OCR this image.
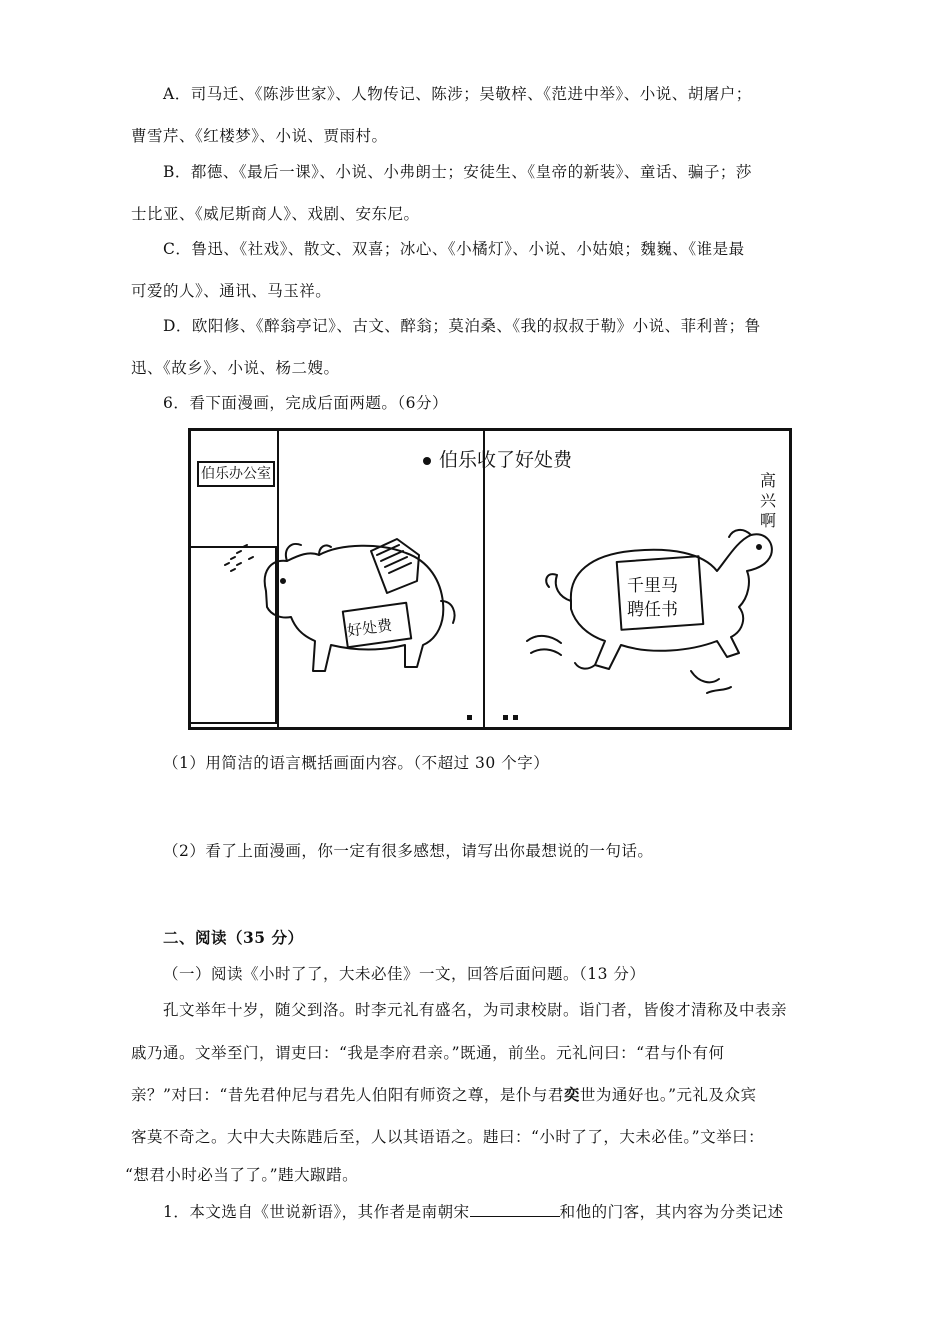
A．司马迁、《陈涉世家》、人物传记、陈涉；吴敬梓、《范进中举》、小说、胡屠户；
曹雪芹、《红楼梦》、小说、贾雨村。
B．都德、《最后一课》、小说、小弗朗士；安徒生、《皇帝的新装》、童话、骗子；莎
士比亚、《威尼斯商人》、戏剧、安东尼。
C．鲁迅、《社戏》、散文、双喜；冰心、《小橘灯》、小说、小姑娘；魏巍、《谁是最
可爱的人》、通讯、马玉祥。
D．欧阳修、《醉翁亭记》、古文、醉翁；莫泊桑、《我的叔叔于勒》小说、菲利普；鲁
迅、《故乡》、小说、杨二嫂。
6．看下面漫画，完成后面两题。（6分）
伯乐办公室
伯乐收了好处费
高兴啊
好处费
千里马
聘任书
（1）用简洁的语言概括画面内容。（不超过 30 个字）
（2）看了上面漫画，你一定有很多感想，请写出你最想说的一句话。
二、阅读（35 分）
（一）阅读《小时了了，大未必佳》一文，回答后面问题。（13 分）
孔文举年十岁，随父到洛。时李元礼有盛名，为司隶校尉。诣门者，皆俊才清称及中表亲
戚乃通。文举至门，谓吏曰：“我是李府君亲。”既通，前坐。元礼问曰：“君与仆有何
亲？”对曰：“昔先君仲尼与君先人伯阳有师资之尊，是仆与君奕世为通好也。”元礼及众宾
客莫不奇之。大中大夫陈韪后至，人以其语语之。韪曰：“小时了了，大未必佳。”文举曰：
“想君小时必当了了。”韪大踧踖。
1．本文选自《世说新语》，其作者是南朝宋	和他的门客，其内容为分类记述
